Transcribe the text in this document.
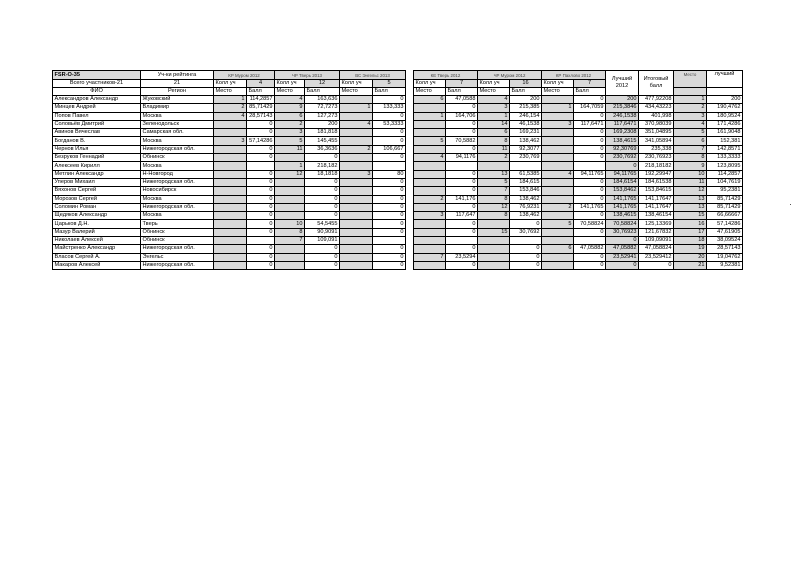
FSR-O-35	Уч-ки рейтинга	КР Муром 2012		ЧР Тверь 2013		ВС Энгельс 2013			КЕ Тверь 2012		ЧР Муром 2012		КР Пахлово 2012		Лучший 2012	Итоговый балл	Место	лучший
Всего участников-21	21	Колл уч	4	Колл уч	12	Колл уч	5		Колл уч	7	Колл уч	16	Колл уч	7				
ФИО	Регион	Место	Балл	Место	Балл	Место	Балл		Место	Балл	Место	Балл	Место	Балл				
Александров Александр	Жуковский	1	114,2857	4	163,636		0		6	47,0588	4	200		0	200	477,92208	1	200
Минцев Андрей	Владимир	2	85,71429	9	72,7273	1	133,333			0	3	215,385	1	164,7059	215,3846	434,43223	2	190,4762
Попов Павел	Москва	4	28,57143	6	127,273		0		1	164,706	1	246,154		0	246,1538	401,998	3	180,9524
Соловьёв Дмитрий	Зеленодольск		0	2	200	4	53,3333			0	14	46,1538	3	117,6471	117,6471	370,98039	4	171,4286
Авинов Вячеслав	Самарская обл.		0	3	181,818		0			0	6	169,231		0	169,2308	351,04895	5	161,9048
Богданов В.	Москва	3	57,14286	5	145,455		0		5	70,5882	8	138,462		0	138,4615	341,05894	6	152,381
Чернов Илья	Нижегородская обл.		0	11	36,3636	2	106,667			0	11	92,3077		0	92,30769	235,338	7	142,8571
Безруков Геннадий	Обнинск		0		0		0		4	94,1176	2	230,769		0	230,7692	230,76923	8	133,3333
Алексеев Кирилл	Москва			1	218,182										0	218,18182	9	123,8095
Метлин Александр	Н-Новгород		0	12	18,1818	3	80			0	13	61,5385	4	94,11765	94,11765	192,29947	10	114,2857
Уперов Михаил	Нижегородская обл.		0		0		0			0	5	184,615		0	184,6154	184,61538	11	104,7619
Вяхонов Сергей	Новосибирск		0		0		0			0	7	153,846		0	153,8462	153,84615	12	95,2381
Морозов Сергей	Москва		0		0		0		2	141,176	8	138,462		0	141,1765	141,17647	13	85,71429
Соломин Роман	Нижегородская обл.		0		0		0			0	12	76,9231	2	141,1765	141,1765	141,17647	13	85,71429
Щедяков Александр	Москва		0		0		0		3	117,647	8	138,462		0	138,4615	138,46154	15	66,66667
Царьков Д.Н.	Тверь		0	10	54,5455		0			0		0	5	70,58824	70,58824	125,13369	16	57,14286
Мазур Валерий	Обнинск		0	8	90,9091		0			0	15	30,7692		0	30,76923	121,67832	17	47,61905
Николаев Алексей	Обнинск			7	109,091										0	109,09091	18	38,09524
Майстренко Александр	Нижегородская обл.		0		0		0			0		0	6	47,05882	47,05882	47,058824	19	28,57143
Власов Сергей А.	Энгельс		0		0		0		7	23,5294		0		0	23,52941	23,529412	20	19,04762
Макаров Алексей	Нижегородская обл.		0		0		0			0		0		0	0	0	21	9,52381
